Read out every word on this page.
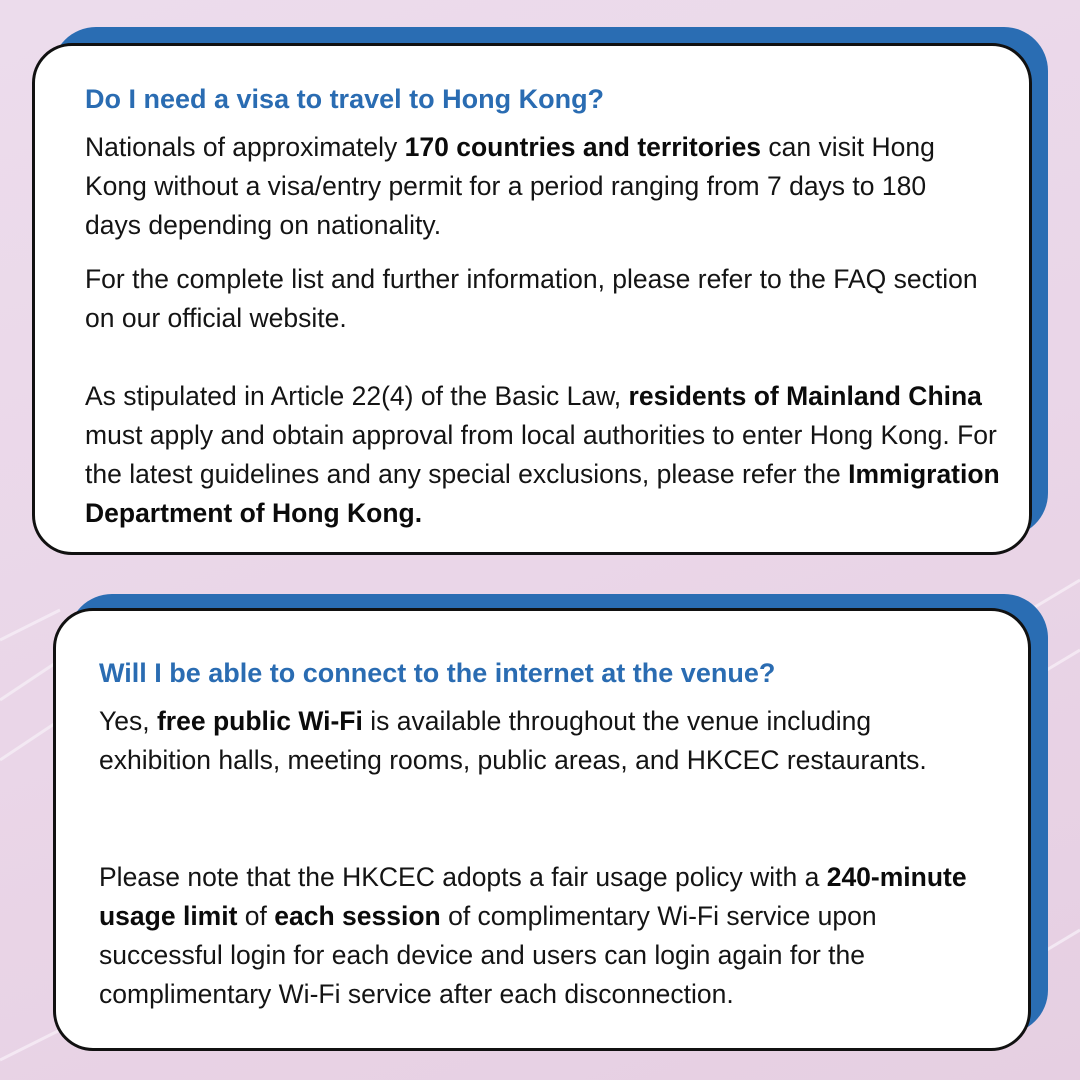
Do I need a visa to travel to Hong Kong?
Nationals of approximately 170 countries and territories can visit Hong Kong without a visa/entry permit for a period ranging from 7 days to 180 days depending on nationality.
For the complete list and further information, please refer to the FAQ section on our official website.
As stipulated in Article 22(4) of the Basic Law, residents of Mainland China must apply and obtain approval from local authorities to enter Hong Kong. For the latest guidelines and any special exclusions, please refer the Immigration Department of Hong Kong.
Will I be able to connect to the internet at the venue?
Yes, free public Wi-Fi is available throughout the venue including exhibition halls, meeting rooms, public areas, and HKCEC restaurants.
Please note that the HKCEC adopts a fair usage policy with a 240-minute usage limit of each session of complimentary Wi-Fi service upon successful login for each device and users can login again for the complimentary Wi-Fi service after each disconnection.
